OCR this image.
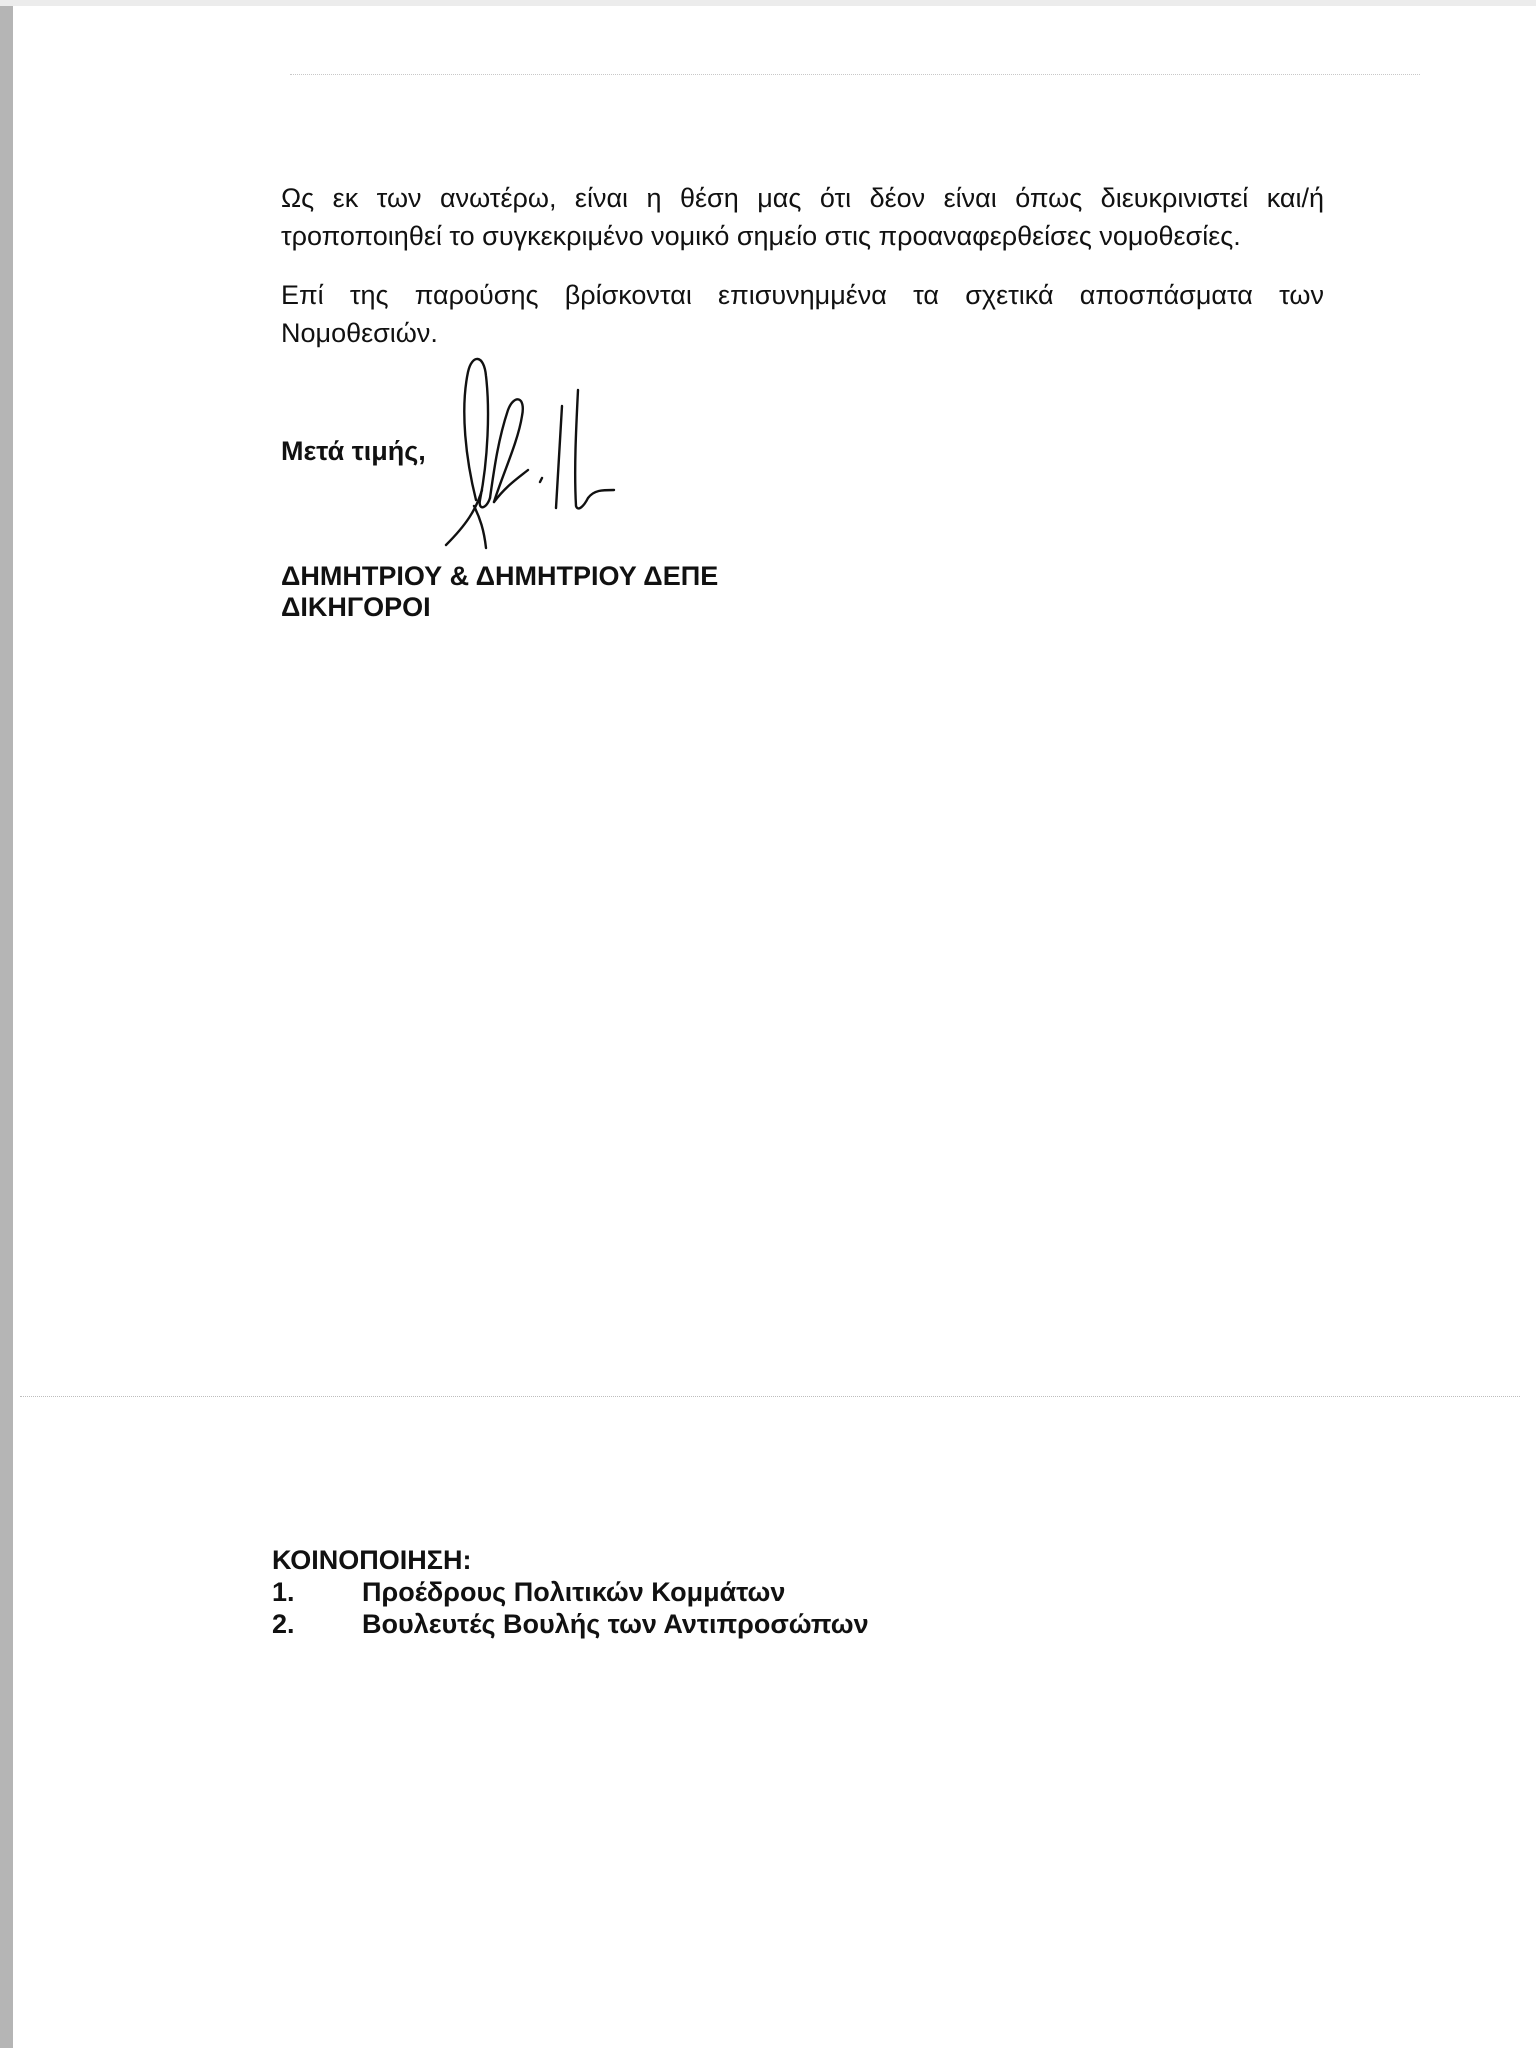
Ως εκ των ανωτέρω, είναι η θέση μας ότι δέον είναι όπως διευκρινιστεί και/ή τροποποιηθεί το συγκεκριμένο νομικό σημείο στις προαναφερθείσες νομοθεσίες.

Επί της παρούσης βρίσκονται επισυνημμένα τα σχετικά αποσπάσματα των Νομοθεσιών.

Μετά τιμής,

ΔΗΜΗΤΡΙΟΥ & ΔΗΜΗΤΡΙΟΥ ΔΕΠΕ
ΔΙΚΗΓΟΡΟΙ

ΚΟΙΝΟΠΟΙΗΣΗ:
1. Προέδρους Πολιτικών Κομμάτων
2. Βουλευτές Βουλής των Αντιπροσώπων
